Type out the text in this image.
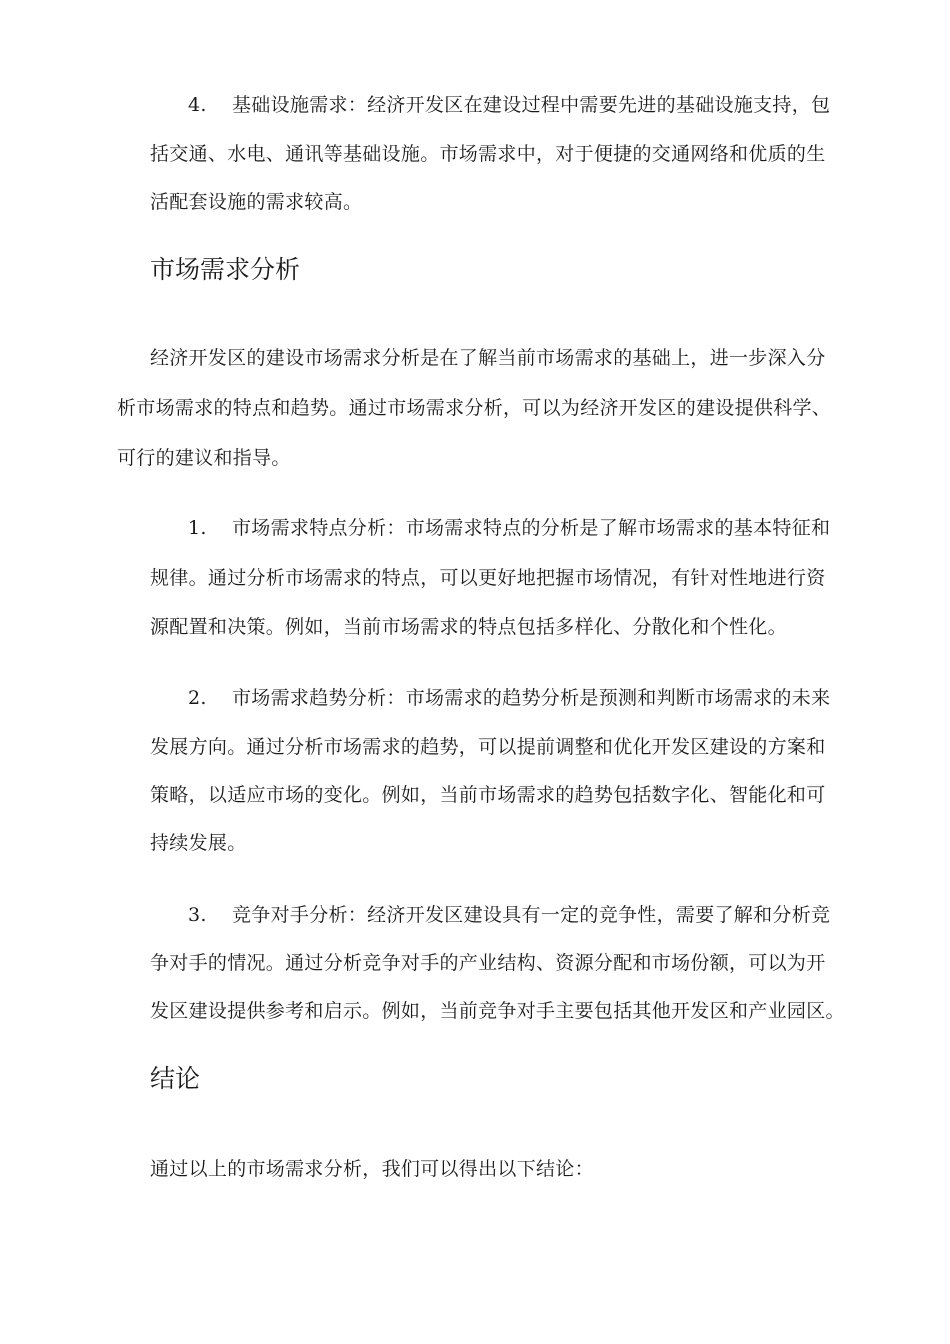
4. 基础设施需求：经济开发区在建设过程中需要先进的基础设施支持，包
括交通、水电、通讯等基础设施。市场需求中，对于便捷的交通网络和优质的生
活配套设施的需求较高。
市场需求分析
经济开发区的建设市场需求分析是在了解当前市场需求的基础上，进一步深入分
析市场需求的特点和趋势。通过市场需求分析，可以为经济开发区的建设提供科学、
可行的建议和指导。
1. 市场需求特点分析：市场需求特点的分析是了解市场需求的基本特征和
规律。通过分析市场需求的特点，可以更好地把握市场情况，有针对性地进行资
源配置和决策。例如，当前市场需求的特点包括多样化、分散化和个性化。
2. 市场需求趋势分析：市场需求的趋势分析是预测和判断市场需求的未来
发展方向。通过分析市场需求的趋势，可以提前调整和优化开发区建设的方案和
策略，以适应市场的变化。例如，当前市场需求的趋势包括数字化、智能化和可
持续发展。
3. 竞争对手分析：经济开发区建设具有一定的竞争性，需要了解和分析竞
争对手的情况。通过分析竞争对手的产业结构、资源分配和市场份额，可以为开
发区建设提供参考和启示。例如，当前竞争对手主要包括其他开发区和产业园区。
结论
通过以上的市场需求分析，我们可以得出以下结论：
